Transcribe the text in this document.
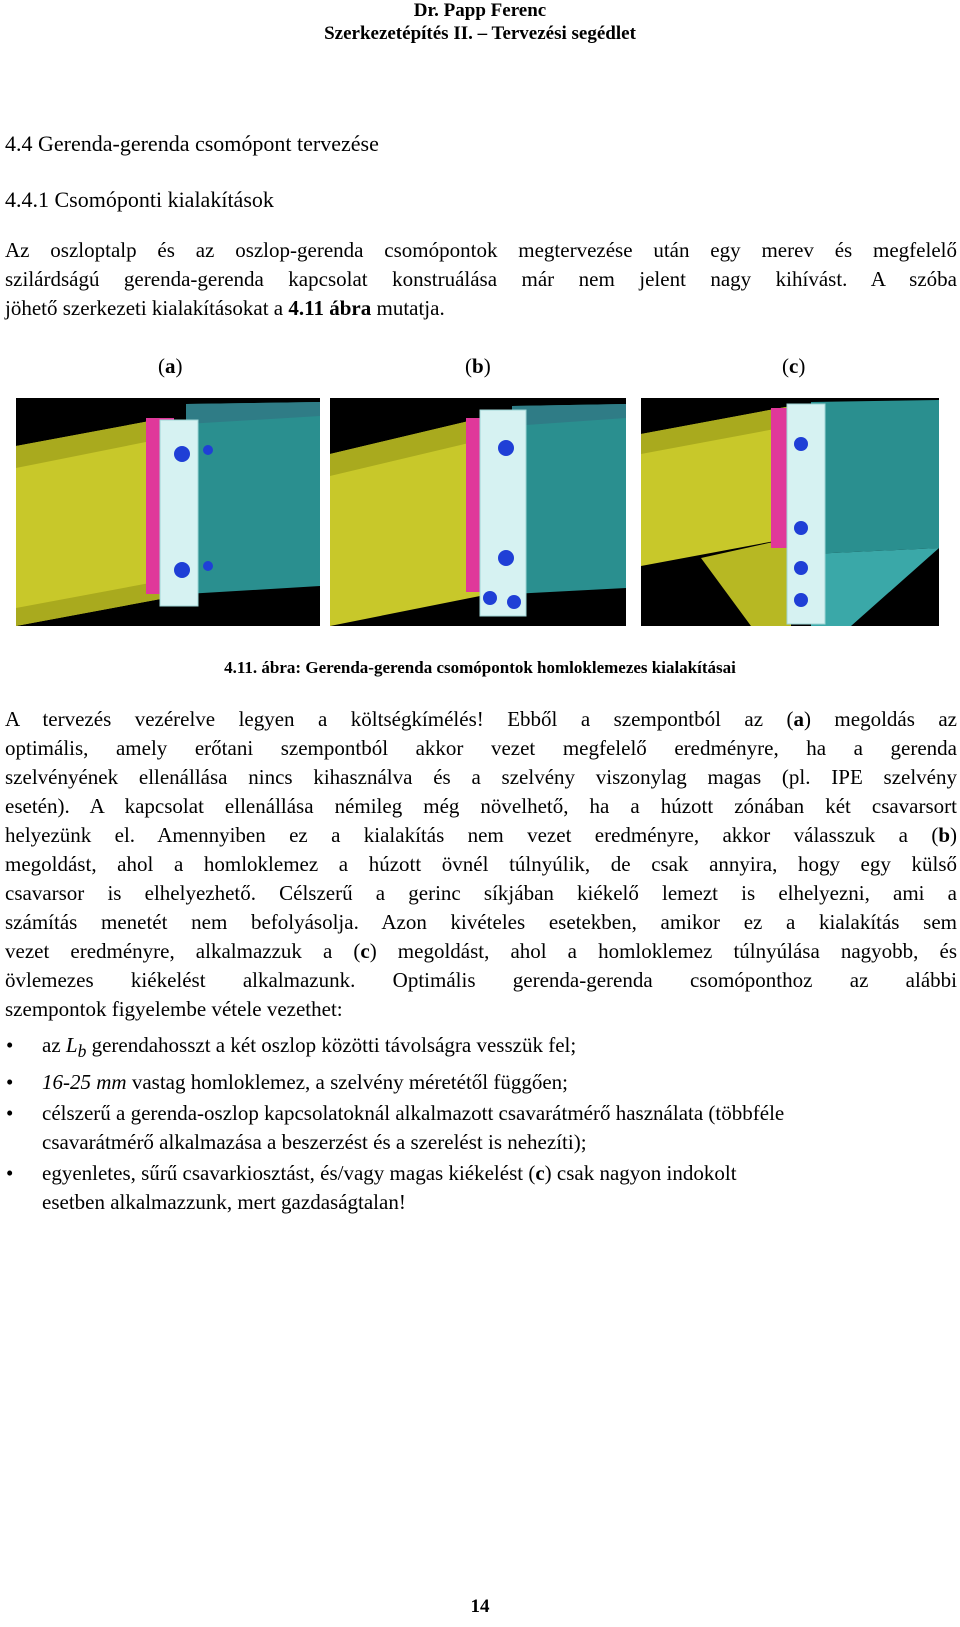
Dr. Papp Ferenc
Szerkezetépítés II. – Tervezési segédlet
4.4 Gerenda-gerenda csomópont tervezése
4.4.1 Csomóponti kialakítások
Az oszloptalp és az oszlop-gerenda csomópontok megtervezése után egy merev és megfelelő
szilárdságú gerenda-gerenda kapcsolat konstruálása már nem jelent nagy kihívást. A szóba
jöhető szerkezeti kialakításokat a 4.11 ábra mutatja.
(a)	(b)	(c)
4.11. ábra: Gerenda-gerenda csomópontok homloklemezes kialakításai
A tervezés vezérelve legyen a költségkímélés! Ebből a szempontból az (a) megoldás az
optimális, amely erőtani szempontból akkor vezet megfelelő eredményre, ha a gerenda
szelvényének ellenállása nincs kihasználva és a szelvény viszonylag magas (pl. IPE szelvény
esetén). A kapcsolat ellenállása némileg még növelhető, ha a húzott zónában két csavarsort
helyezünk el. Amennyiben ez a kialakítás nem vezet eredményre, akkor válasszuk a (b)
megoldást, ahol a homloklemez a húzott övnél túlnyúlik, de csak annyira, hogy egy külső
csavarsor is elhelyezhető. Célszerű a gerinc síkjában kiékelő lemezt is elhelyezni, ami a
számítás menetét nem befolyásolja. Azon kivételes esetekben, amikor ez a kialakítás sem
vezet eredményre, alkalmazzuk a (c) megoldást, ahol a homloklemez túlnyúlása nagyobb, és
övlemezes kiékelést alkalmazunk. Optimális gerenda-gerenda csomóponthoz az alábbi
szempontok figyelembe vétele vezethet:
• az $L_b$ gerendahosszt a két oszlop közötti távolságra vesszük fel;
• 16-25 mm vastag homloklemez, a szelvény méretétől függően;
• célszerű a gerenda-oszlop kapcsolatoknál alkalmazott csavarátmérő használata (többféle
csavarátmérő alkalmazása a beszerzést és a szerelést is nehezíti);
• egyenletes, sűrű csavarkiosztást, és/vagy magas kiékelést (c) csak nagyon indokolt
esetben alkalmazzunk, mert gazdaságtalan!
14
